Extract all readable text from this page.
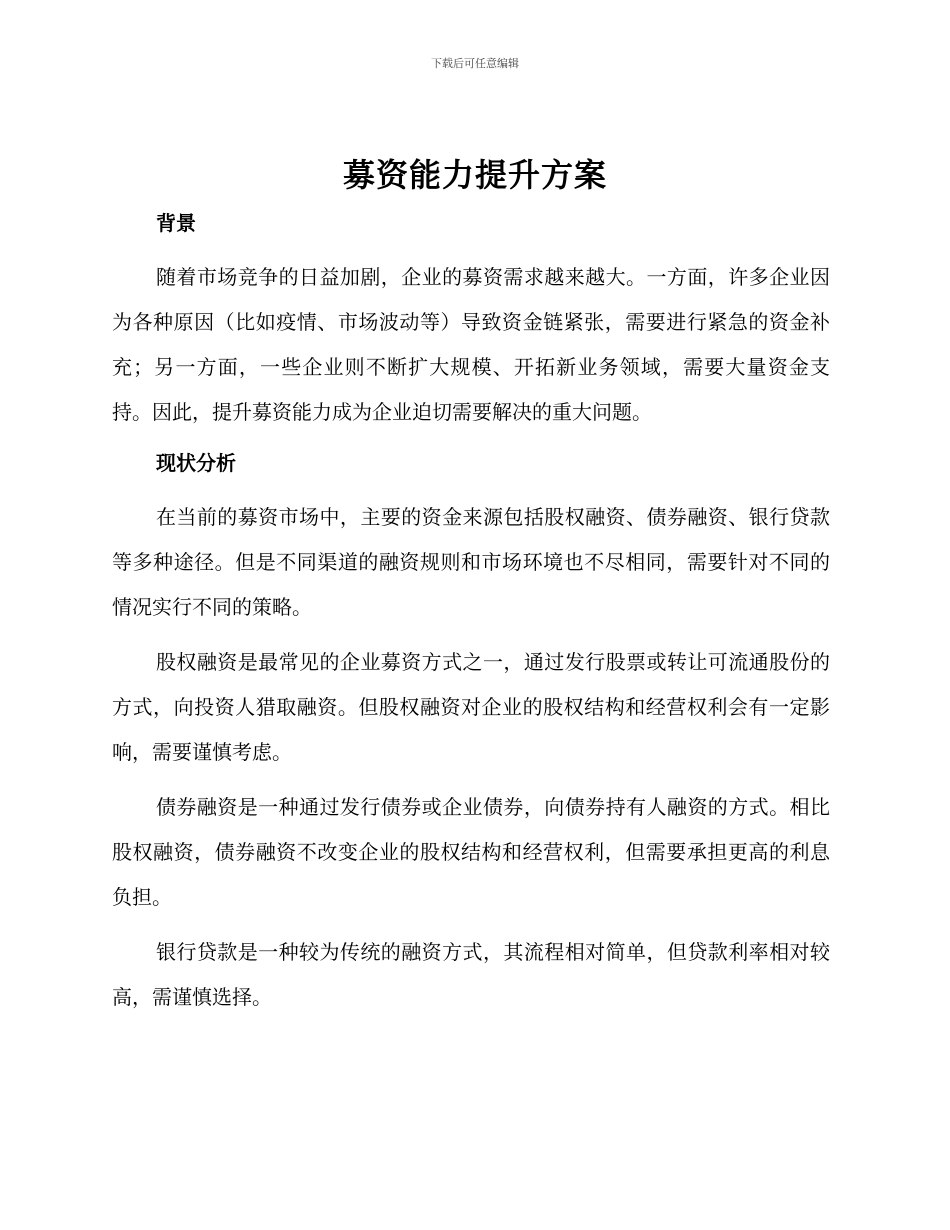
下载后可任意编辑
募资能力提升方案
背景

随着市场竞争的日益加剧，企业的募资需求越来越大。一方面，许多企业因为各种原因（比如疫情、市场波动等）导致资金链紧张，需要进行紧急的资金补充；另一方面，一些企业则不断扩大规模、开拓新业务领域，需要大量资金支持。因此，提升募资能力成为企业迫切需要解决的重大问题。

现状分析

在当前的募资市场中，主要的资金来源包括股权融资、债券融资、银行贷款等多种途径。但是不同渠道的融资规则和市场环境也不尽相同，需要针对不同的情况实行不同的策略。

股权融资是最常见的企业募资方式之一，通过发行股票或转让可流通股份的方式，向投资人猎取融资。但股权融资对企业的股权结构和经营权利会有一定影响，需要谨慎考虑。

债券融资是一种通过发行债券或企业债券，向债券持有人融资的方式。相比股权融资，债券融资不改变企业的股权结构和经营权利，但需要承担更高的利息负担。

银行贷款是一种较为传统的融资方式，其流程相对简单，但贷款利率相对较高，需谨慎选择。
